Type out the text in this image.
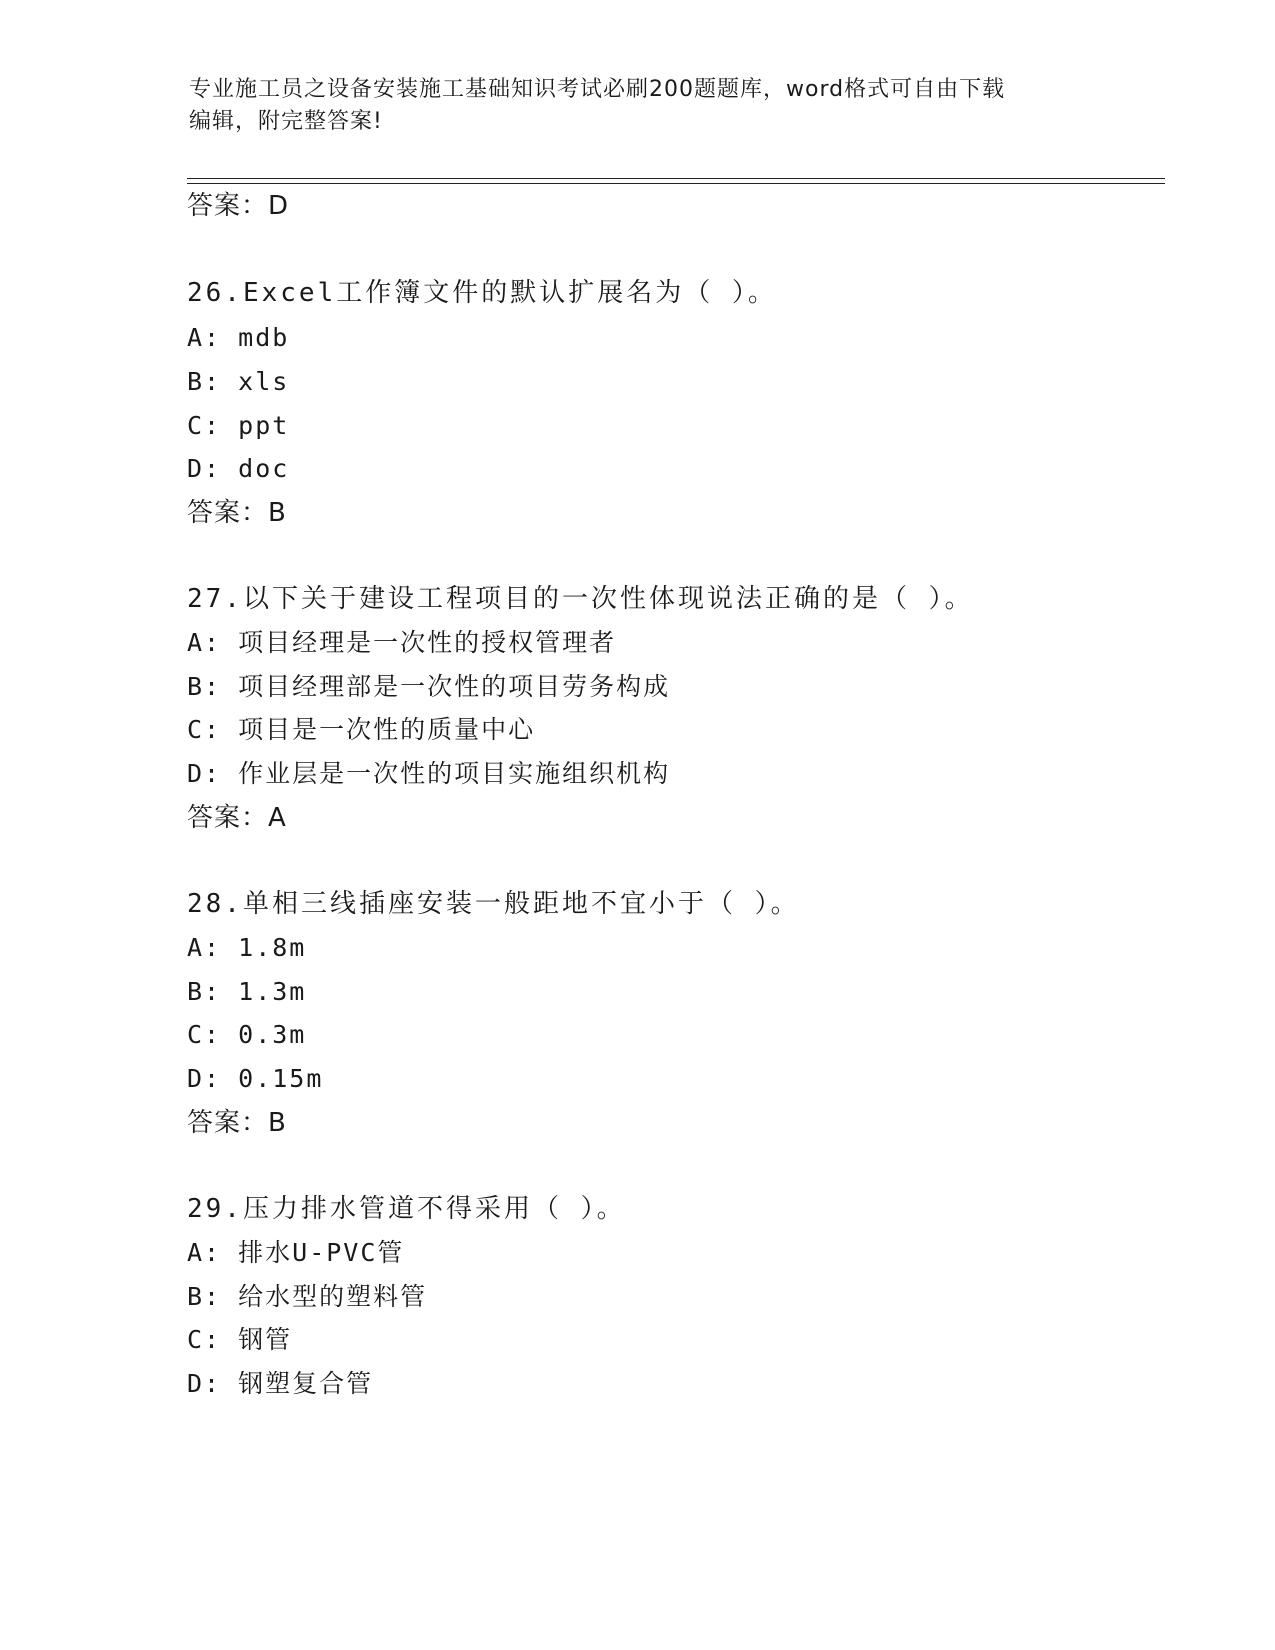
专业施工员之设备安装施工基础知识考试必刷200题题库，word格式可自由下载
编辑，附完整答案!
答案：D
26.Excel工作簿文件的默认扩展名为（ ）。
A: mdb
B: xls
C: ppt
D: doc
答案：B
27.以下关于建设工程项目的一次性体现说法正确的是（ ）。
A: 项目经理是一次性的授权管理者
B: 项目经理部是一次性的项目劳务构成
C: 项目是一次性的质量中心
D: 作业层是一次性的项目实施组织机构
答案：A
28.单相三线插座安装一般距地不宜小于（ ）。
A: 1.8m
B: 1.3m
C: 0.3m
D: 0.15m
答案：B
29.压力排水管道不得采用（ ）。
A: 排水U-PVC管
B: 给水型的塑料管
C: 钢管
D: 钢塑复合管
